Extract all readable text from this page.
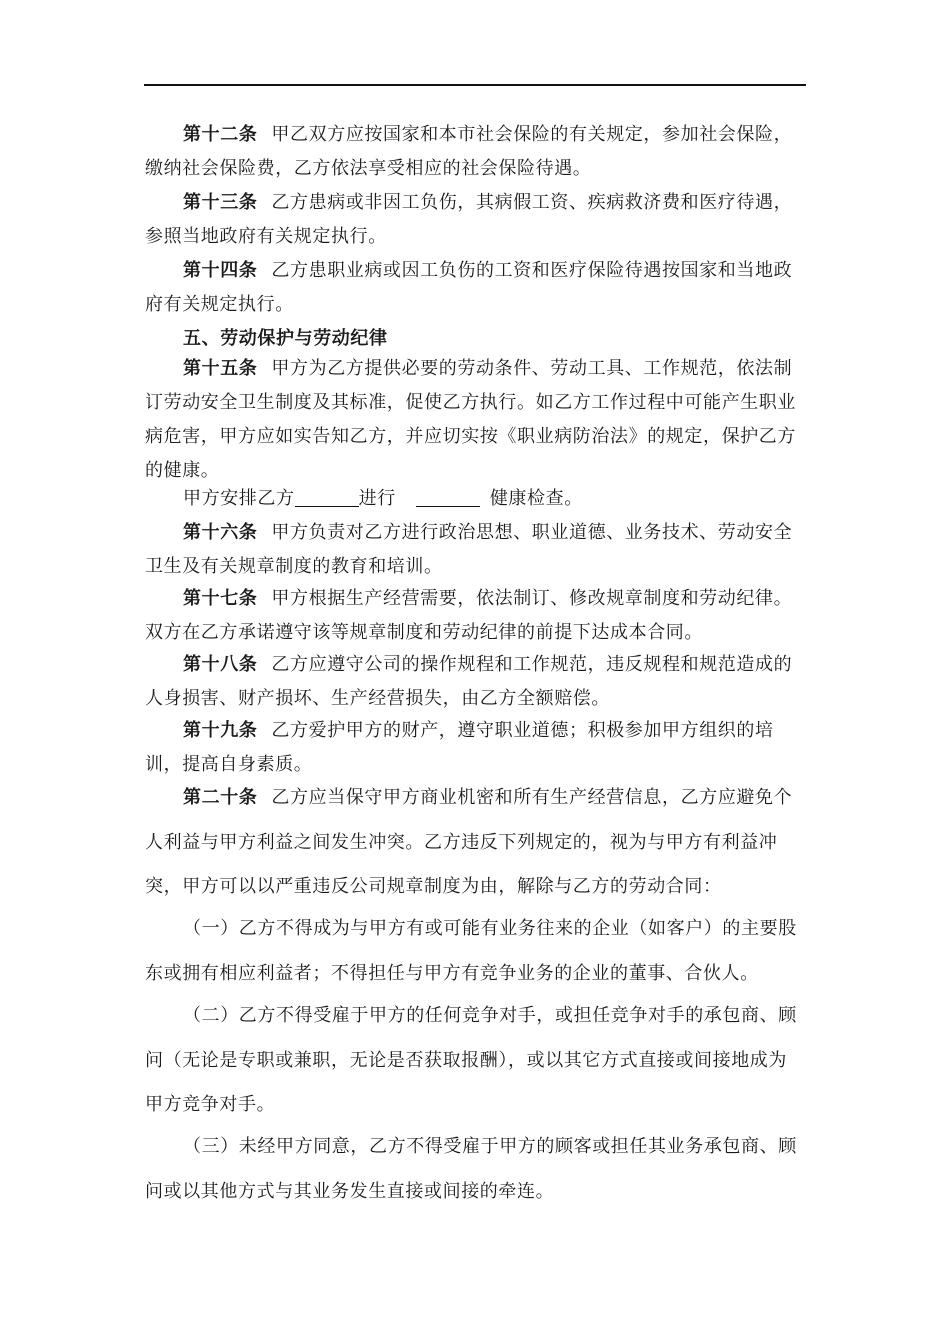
第十二条 甲乙双方应按国家和本市社会保险的有关规定，参加社会保险，缴纳社会保险费，乙方依法享受相应的社会保险待遇。

第十三条 乙方患病或非因工负伤，其病假工资、疾病救济费和医疗待遇，参照当地政府有关规定执行。

第十四条 乙方患职业病或因工负伤的工资和医疗保险待遇按国家和当地政府有关规定执行。

五、劳动保护与劳动纪律

第十五条 甲方为乙方提供必要的劳动条件、劳动工具、工作规范，依法制订劳动安全卫生制度及其标准，促使乙方执行。如乙方工作过程中可能产生职业病危害，甲方应如实告知乙方，并应切实按《职业病防治法》的规定，保护乙方的健康。

甲方安排乙方	进行	健康检查。

第十六条 甲方负责对乙方进行政治思想、职业道德、业务技术、劳动安全卫生及有关规章制度的教育和培训。

第十七条 甲方根据生产经营需要，依法制订、修改规章制度和劳动纪律。双方在乙方承诺遵守该等规章制度和劳动纪律的前提下达成本合同。

第十八条 乙方应遵守公司的操作规程和工作规范，违反规程和规范造成的人身损害、财产损坏、生产经营损失，由乙方全额赔偿。

第十九条 乙方爱护甲方的财产，遵守职业道德；积极参加甲方组织的培训，提高自身素质。

第二十条 乙方应当保守甲方商业机密和所有生产经营信息，乙方应避免个人利益与甲方利益之间发生冲突。乙方违反下列规定的，视为与甲方有利益冲突，甲方可以以严重违反公司规章制度为由，解除与乙方的劳动合同：

（一）乙方不得成为与甲方有或可能有业务往来的企业（如客户）的主要股东或拥有相应利益者；不得担任与甲方有竞争业务的企业的董事、合伙人。

（二）乙方不得受雇于甲方的任何竞争对手，或担任竞争对手的承包商、顾问（无论是专职或兼职，无论是否获取报酬），或以其它方式直接或间接地成为甲方竞争对手。

（三）未经甲方同意，乙方不得受雇于甲方的顾客或担任其业务承包商、顾问或以其他方式与其业务发生直接或间接的牵连。
